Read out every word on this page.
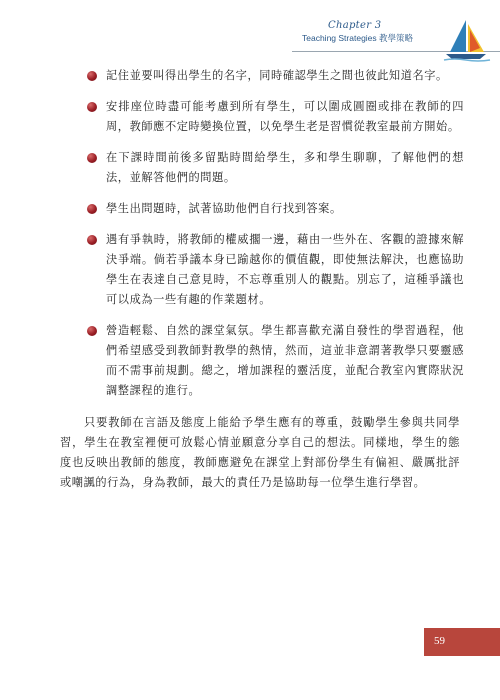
Chapter 3
Teaching Strategies 教學策略
記住並要叫得出學生的名字，同時確認學生之間也彼此知道名字。
安排座位時盡可能考慮到所有學生，可以圍成圓圈或排在教師的四周，教師應不定時變換位置，以免學生老是習慣從教室最前方開始。
在下課時間前後多留點時間給學生，多和學生聊聊，了解他們的想法，並解答他們的問題。
學生出問題時，試著協助他們自行找到答案。
遇有爭執時，將教師的權威擱一邊，藉由一些外在、客觀的證據來解決爭端。倘若爭議本身已踰越你的價值觀，即使無法解決，也應協助學生在表達自己意見時，不忘尊重別人的觀點。別忘了，這種爭議也可以成為一些有趣的作業題材。
營造輕鬆、自然的課堂氣氛。學生都喜歡充滿自發性的學習過程，他們希望感受到教師對教學的熱情，然而，這並非意謂著教學只要靈感而不需事前規劃。總之，增加課程的靈活度，並配合教室內實際狀況調整課程的進行。

只要教師在言語及態度上能給予學生應有的尊重，鼓勵學生參與共同學習，學生在教室裡便可放鬆心情並願意分享自己的想法。同樣地，學生的態度也反映出教師的態度，教師應避免在課堂上對部份學生有偏袒、嚴厲批評或嘲諷的行為，身為教師，最大的責任乃是協助每一位學生進行學習。

59
